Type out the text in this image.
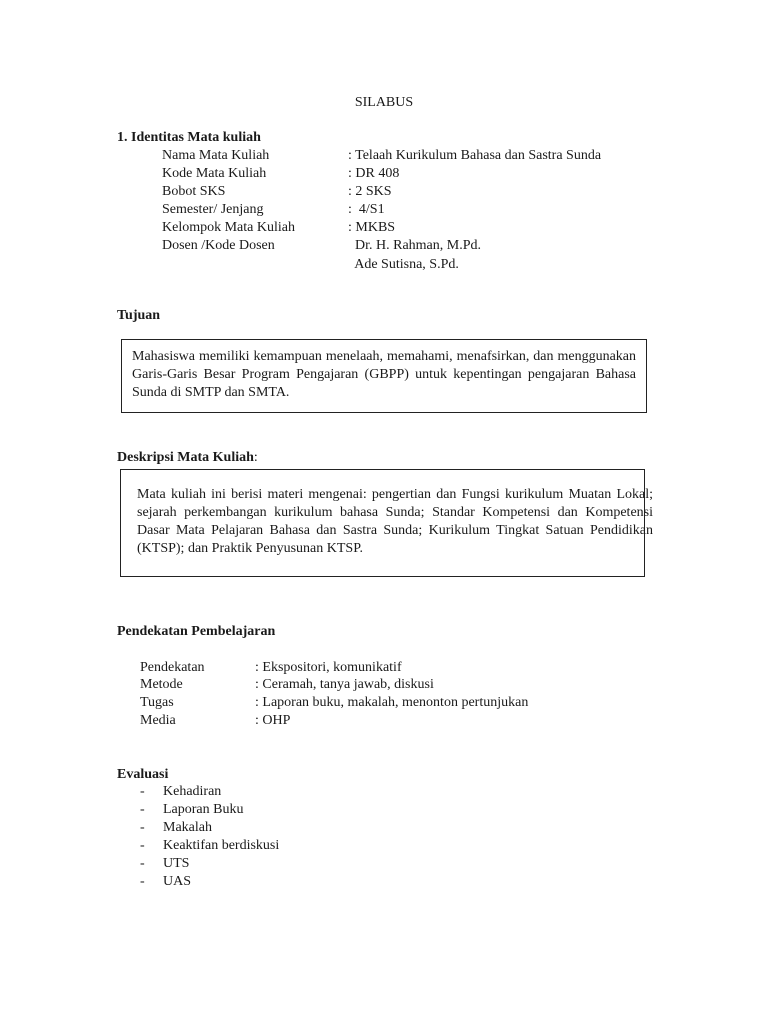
SILABUS
1. Identitas Mata kuliah
Nama Mata Kuliah	: Telaah Kurikulum Bahasa dan Sastra Sunda
Kode Mata Kuliah	: DR 408
Bobot SKS	: 2 SKS
Semester/ Jenjang	:  4/S1
Kelompok Mata Kuliah	: MKBS
Dosen /Kode Dosen	Dr. H. Rahman, M.Pd.
Ade Sutisna, S.Pd.
Tujuan

Mahasiswa memiliki kemampuan menelaah, memahami, menafsirkan, dan menggunakan Garis-Garis Besar Program Pengajaran (GBPP) untuk kepentingan pengajaran Bahasa Sunda di SMTP dan SMTA.

Deskripsi Mata Kuliah:

Mata kuliah ini berisi materi mengenai: pengertian dan Fungsi kurikulum Muatan Lokal; sejarah perkembangan kurikulum bahasa Sunda; Standar Kompetensi dan Kompetensi Dasar Mata Pelajaran Bahasa dan Sastra Sunda; Kurikulum Tingkat Satuan Pendidikan (KTSP); dan Praktik Penyusunan KTSP.

Pendekatan Pembelajaran
Pendekatan	: Ekspositori, komunikatif
Metode	: Ceramah, tanya jawab, diskusi
Tugas	: Laporan buku, makalah, menonton pertunjukan
Media	: OHP
Evaluasi
- Kehadiran
- Laporan Buku
- Makalah
- Keaktifan berdiskusi
- UTS
- UAS
